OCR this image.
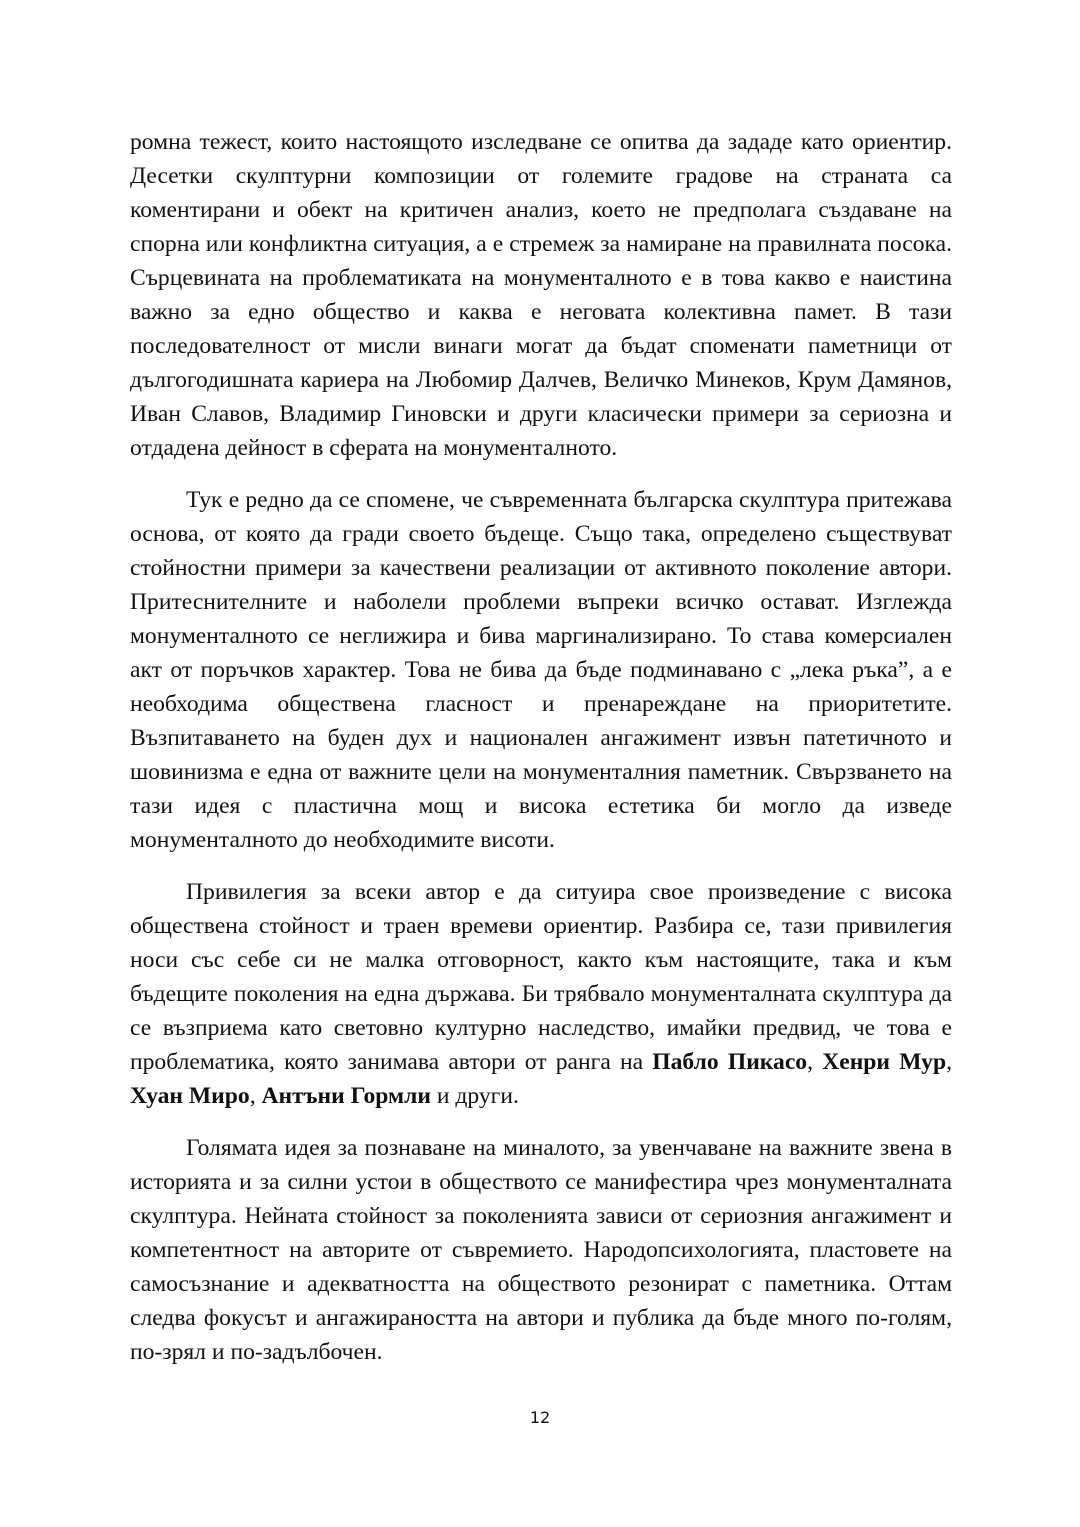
ромна тежест, които настоящото изследване се опитва да зададе като ориентир. Десетки скулптурни композиции от големите градове на страната са коментирани и обект на критичен анализ, което не предполага създаване на спорна или конфликтна ситуация, а е стремеж за намиране на правилната посока. Сърцевината на проблематиката на монументалното е в това какво е наистина важно за едно общество и каква е неговата колективна памет. В тази последователност от мисли винаги могат да бъдат споменати паметници от дългогодишната кариера на Любомир Далчев, Величко Минеков, Крум Дамянов, Иван Славов, Владимир Гиновски и други класически примери за сериозна и отдадена дейност в сферата на монументалното.

Тук е редно да се спомене, че съвременната българска скулптура притежава основа, от която да гради своето бъдеще. Също така, определено съществуват стойностни примери за качествени реализации от активното поколение автори. Притеснителните и наболели проблеми въпреки всичко остават. Изглежда монументалното се неглижира и бива маргинализирано. То става комерсиален акт от поръчков характер. Това не бива да бъде подминавано с „лека ръка”, а е необходима обществена гласност и пренареждане на приоритетите. Възпитаването на буден дух и национален ангажимент извън патетичното и шовинизма е една от важните цели на монументалния паметник. Свързването на тази идея с пластична мощ и висока естетика би могло да изведе монументалното до необходимите висоти.

Привилегия за всеки автор е да ситуира свое произведение с висока обществена стойност и траен времеви ориентир. Разбира се, тази привилегия носи със себе си не малка отговорност, както към настоящите, така и към бъдещите поколения на една държава. Би трябвало монументалната скулптура да се възприема като световно културно наследство, имайки предвид, че това е проблематика, която занимава автори от ранга на Пабло Пикасо, Хенри Мур, Хуан Миро, Антъни Гормли и други.

Голямата идея за познаване на миналото, за увенчаване на важните звена в историята и за силни устои в обществото се манифестира чрез монументалната скулптура. Нейната стойност за поколенията зависи от сериозния ангажимент и компетентност на авторите от съвремието. Народопсихологията, пластовете на самосъзнание и адекватността на обществото резонират с паметника. Оттам следва фокусът и ангажираността на автори и публика да бъде много по-голям, по-зрял и по-задълбочен.

12
